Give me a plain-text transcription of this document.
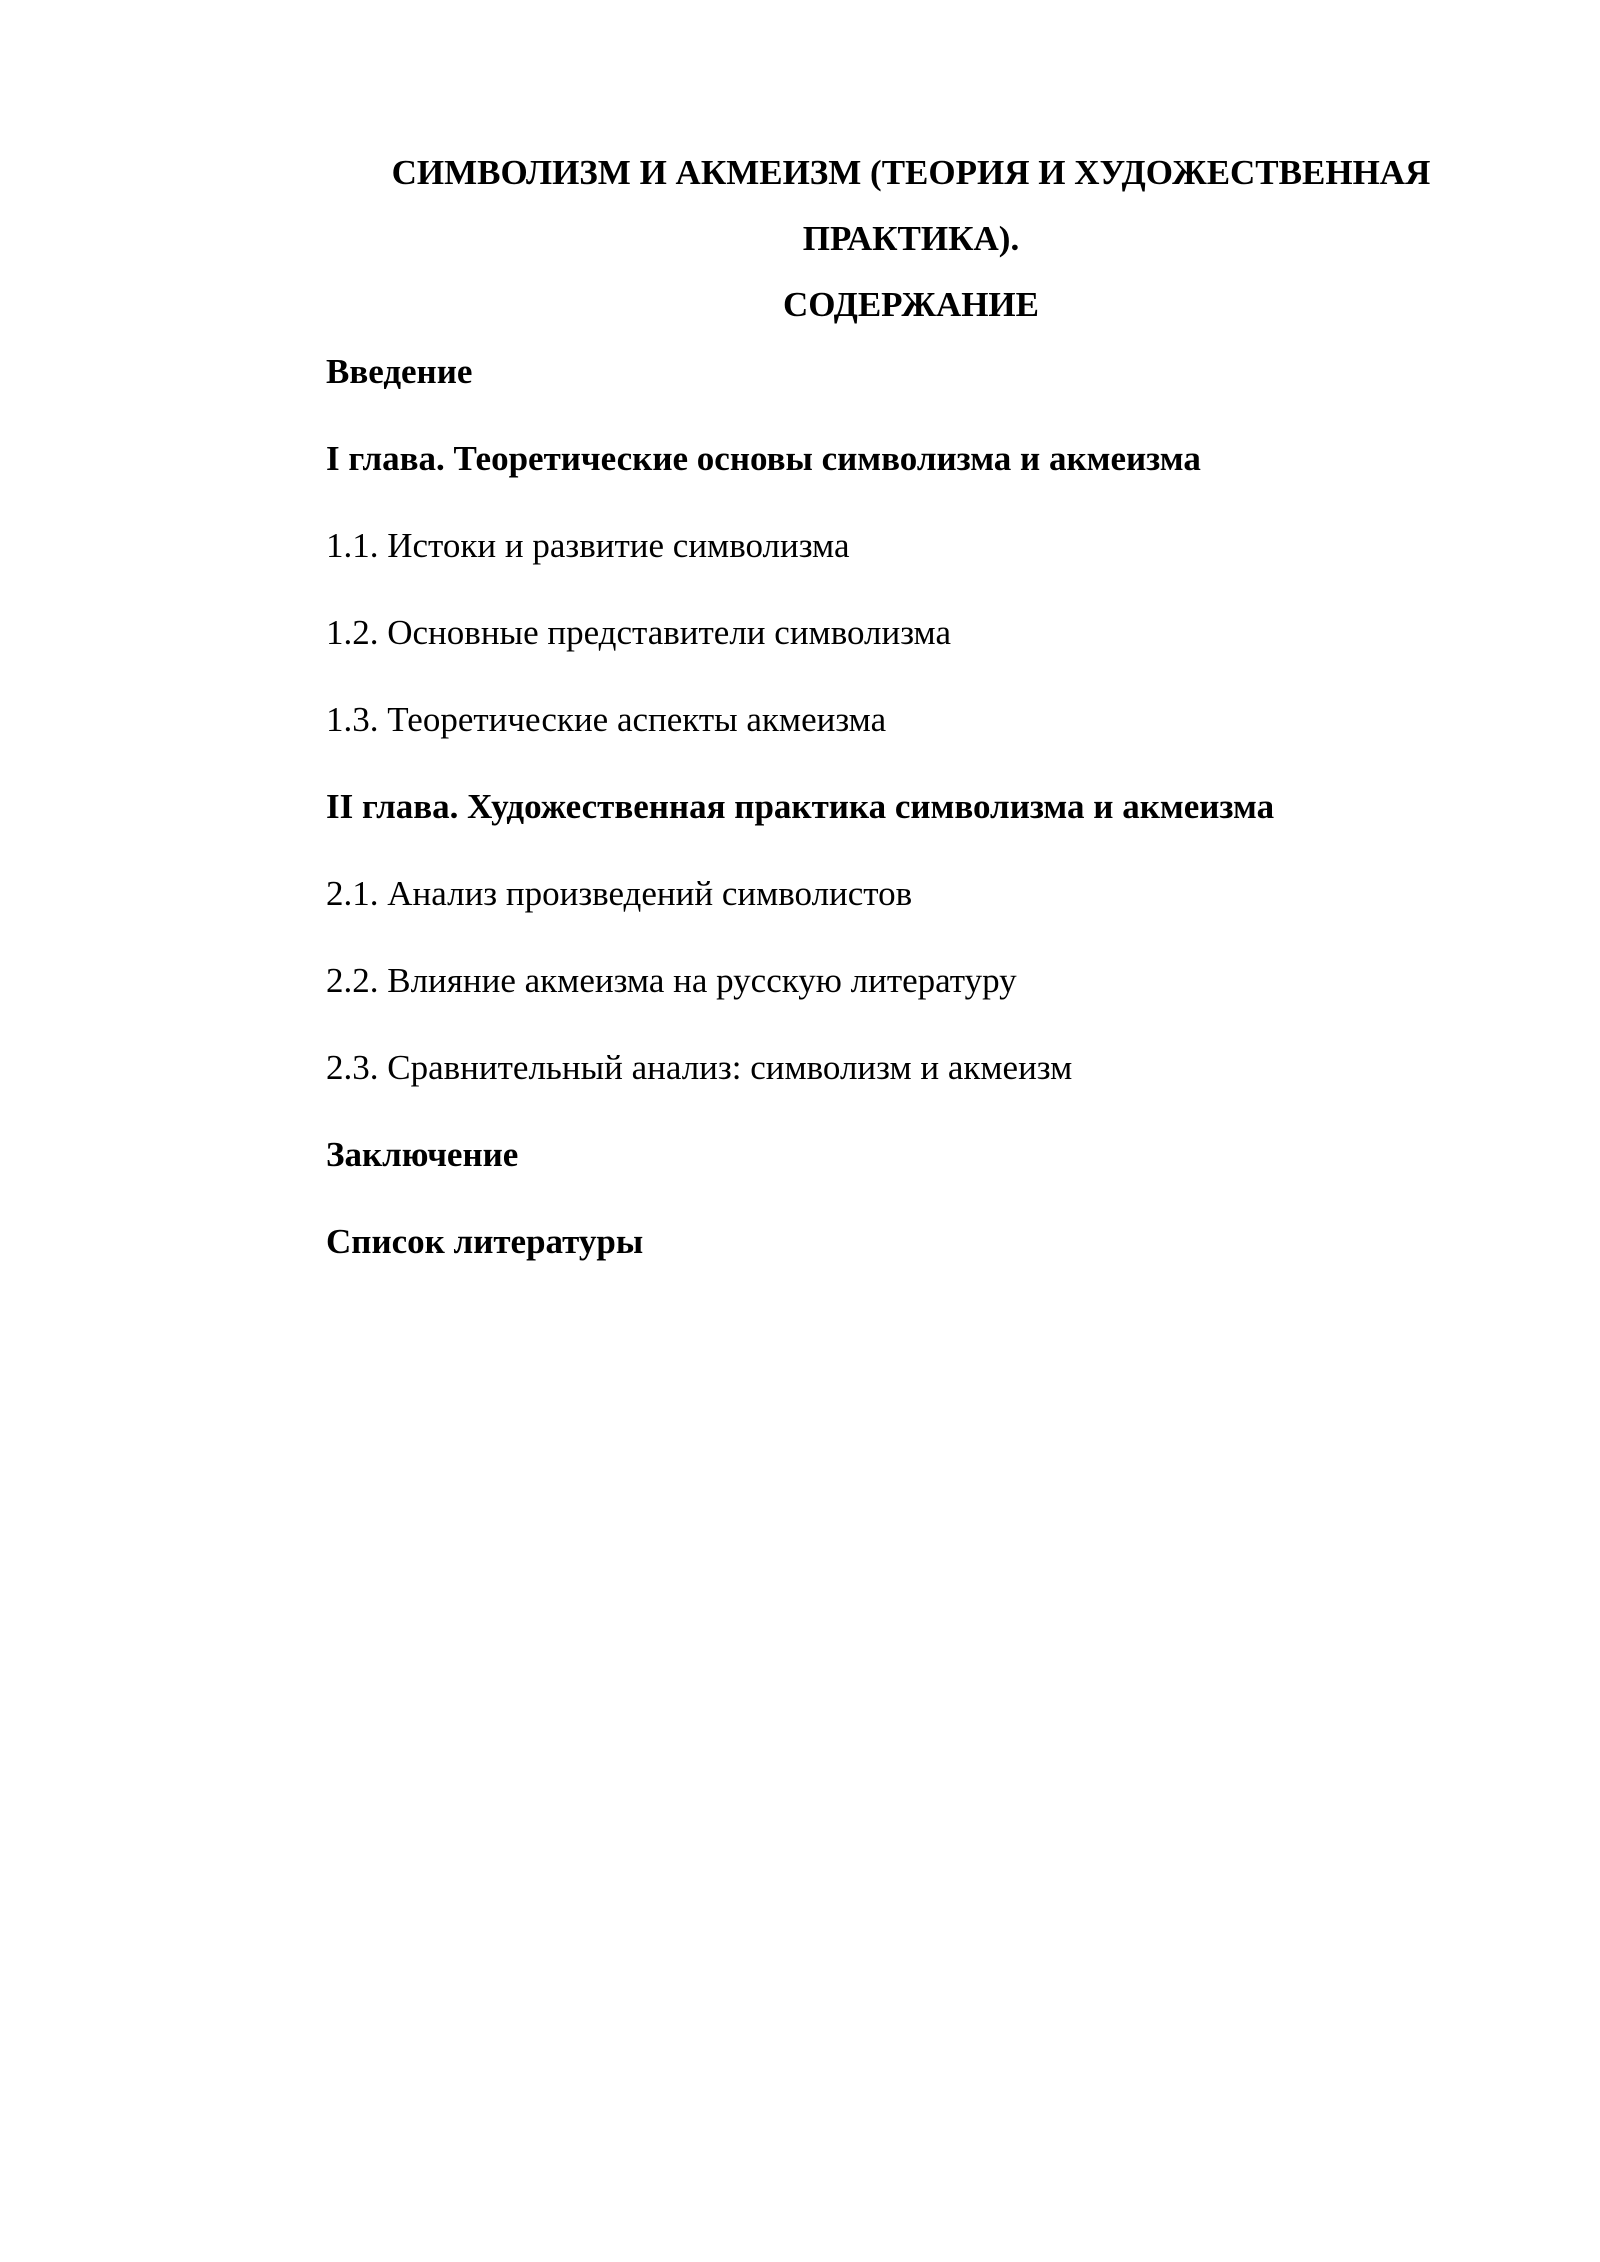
СИМВОЛИЗМ И АКМЕИЗМ (ТЕОРИЯ И ХУДОЖЕСТВЕННАЯ
ПРАКТИКА).
СОДЕРЖАНИЕ
Введение
I глава. Теоретические основы символизма и акмеизма
1.1. Истоки и развитие символизма
1.2. Основные представители символизма
1.3. Теоретические аспекты акмеизма
II глава. Художественная практика символизма и акмеизма
2.1. Анализ произведений символистов
2.2. Влияние акмеизма на русскую литературу
2.3. Сравнительный анализ: символизм и акмеизм
Заключение
Список литературы
